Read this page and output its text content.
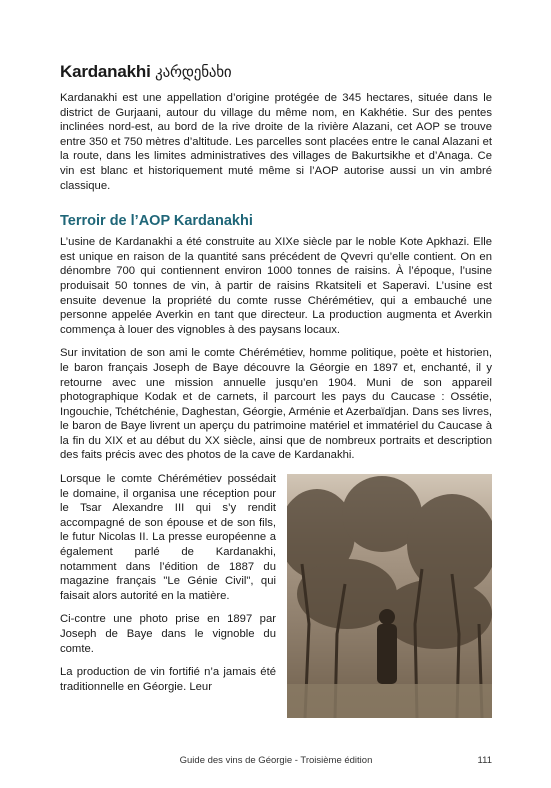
Kardanakhi კარდენახი

Kardanakhi est une appellation d’origine protégée de 345 hectares, située dans le district de Gurjaani, autour du village du même nom, en Kakhétie. Sur des pentes inclinées nord-est, au bord de la rive droite de la rivière Alazani, cet AOP se trouve entre 350 et 750 mètres d’altitude. Les parcelles sont placées entre le canal Alazani et la route, dans les limites administratives des villages de Bakurtsikhe et d’Anaga. Ce vin est blanc et historiquement muté même si l’AOP autorise aussi un vin ambré classique.

Terroir de l’AOP Kardanakhi

L’usine de Kardanakhi a été construite au XIXe siècle par le noble Kote Apkhazi. Elle est unique en raison de la quantité sans précédent de Qvevri qu’elle contient. On en dénombre 700 qui contiennent environ 1000 tonnes de raisins. À l’époque, l’usine produisait 50 tonnes de vin, à partir de raisins Rkatsiteli et Saperavi. L’usine est ensuite devenue la propriété du comte russe Chérémétiev, qui a embauché une personne appelée Averkin en tant que directeur. La production augmenta et Averkin commença à louer des vignobles à des paysans locaux.

Sur invitation de son ami le comte Chérémétiev, homme politique, poète et historien, le baron français Joseph de Baye découvre la Géorgie en 1897 et, enchanté, il y retourne avec une mission annuelle jusqu’en 1904. Muni de son appareil photographique Kodak et de carnets, il parcourt les pays du Caucase : Ossétie, Ingouchie, Tchétchénie, Daghestan, Géorgie, Arménie et Azerbaïdjan. Dans ses livres, le baron de Baye livrent un aperçu du patrimoine matériel et immatériel du Caucase à la fin du XIX et au début du XX siècle, ainsi que de nombreux portraits et description des faits précis avec des photos de la cave de Kardanakhi.

Lorsque le comte Chérémétiev possédait le domaine, il organisa une réception pour le Tsar Alexandre III qui s’y rendit accompagné de son épouse et de son fils, le futur Nicolas II. La presse européenne a également parlé de Kardanakhi, notamment dans l’édition de 1887 du magazine français "Le Génie Civil", qui faisait alors autorité en la matière.

Ci-contre une photo prise en 1897 par Joseph de Baye dans le vignoble du comte.

La production de vin fortifié n’a jamais été traditionnelle en Géorgie. Leur

Guide des vins de Géorgie - Troisième édition	111
